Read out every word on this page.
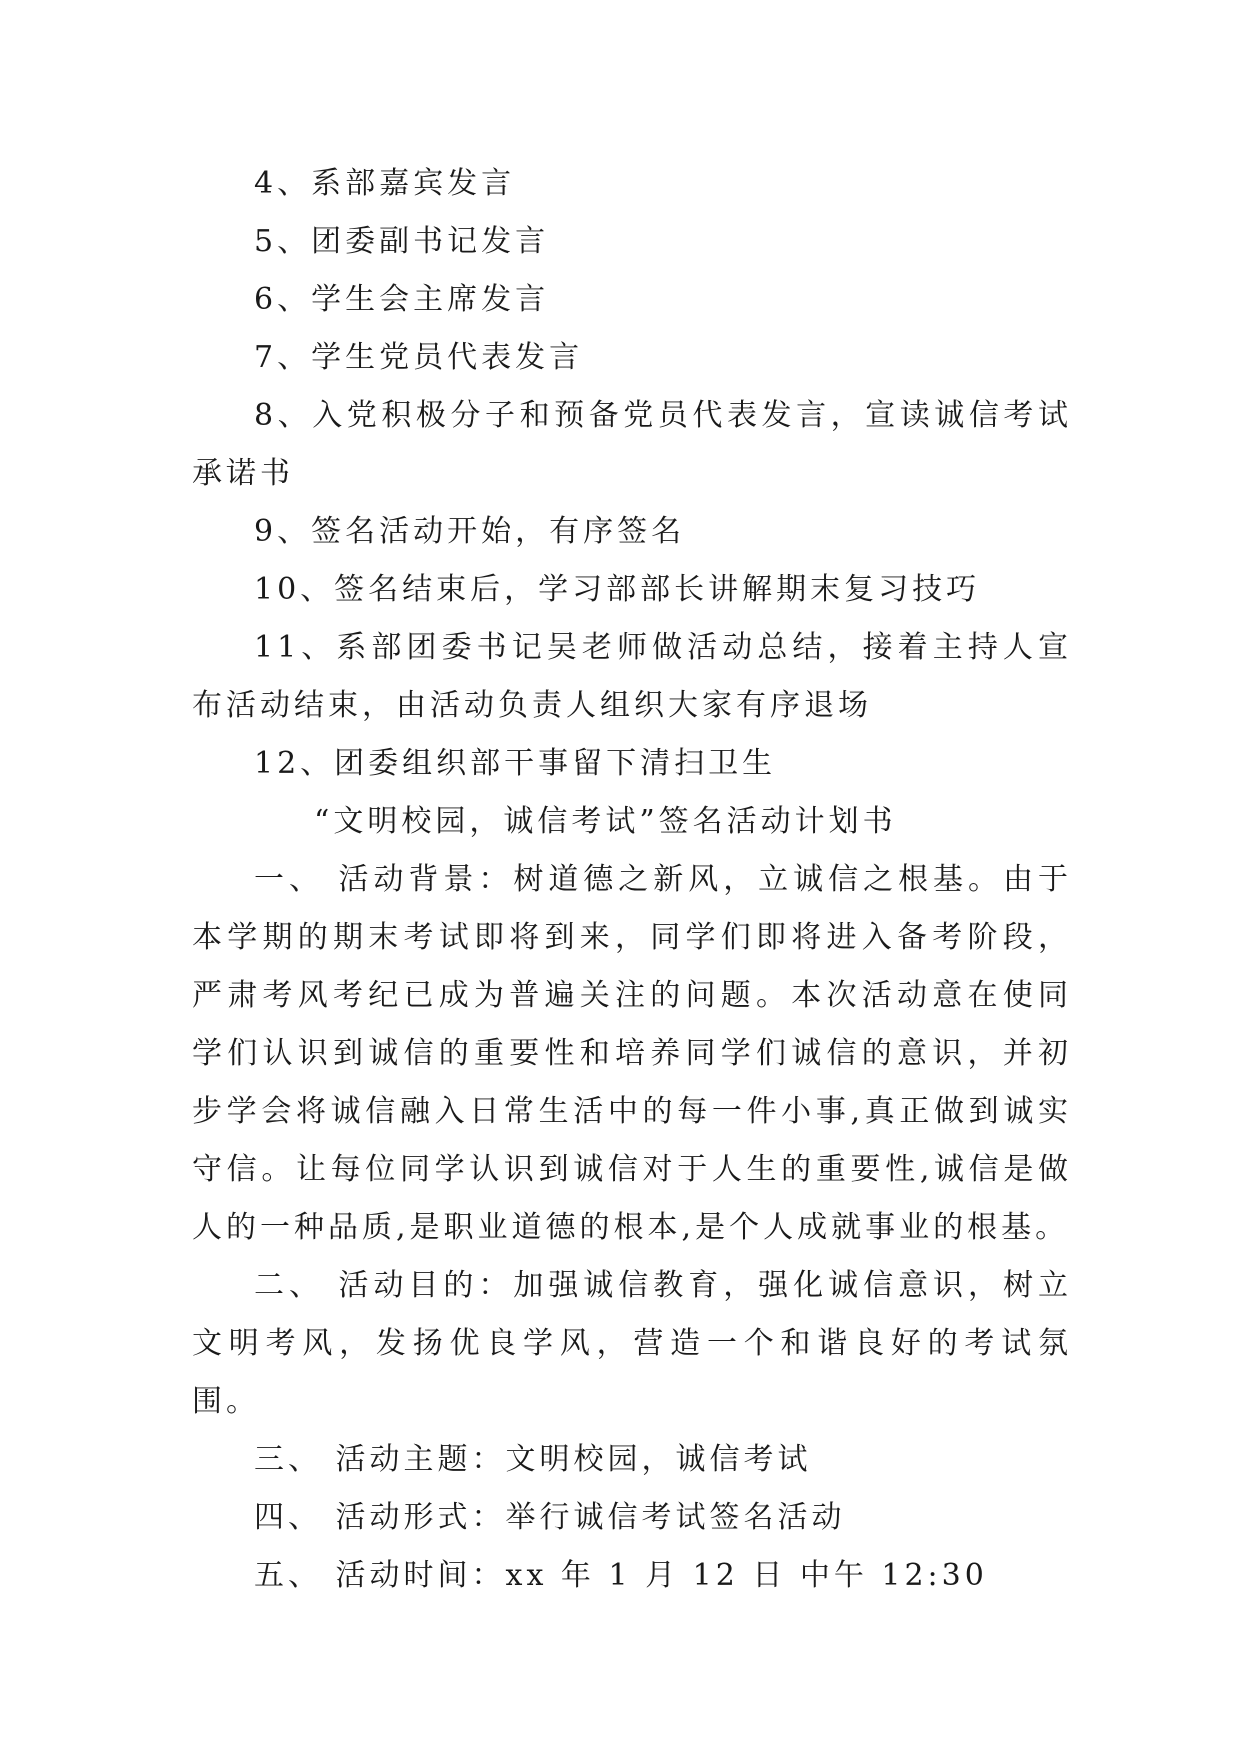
4、系部嘉宾发言

5、团委副书记发言

6、学生会主席发言

7、学生党员代表发言

8、入党积极分子和预备党员代表发言，宣读诚信考试承诺书

9、签名活动开始，有序签名

10、签名结束后，学习部部长讲解期末复习技巧

11、系部团委书记吴老师做活动总结，接着主持人宣布活动结束，由活动负责人组织大家有序退场

12、团委组织部干事留下清扫卫生

“文明校园，诚信考试”签名活动计划书

一、 活动背景：树道德之新风，立诚信之根基。由于本学期的期末考试即将到来，同学们即将进入备考阶段，严肃考风考纪已成为普遍关注的问题。本次活动意在使同学们认识到诚信的重要性和培养同学们诚信的意识，并初步学会将诚信融入日常生活中的每一件小事,真正做到诚实守信。让每位同学认识到诚信对于人生的重要性,诚信是做人的一种品质,是职业道德的根本,是个人成就事业的根基。

二、 活动目的：加强诚信教育，强化诚信意识，树立文明考风，发扬优良学风，营造一个和谐良好的考试氛围。

三、 活动主题：文明校园，诚信考试

四、 活动形式：举行诚信考试签名活动

五、 活动时间：xx 年 1 月 12 日 中午 12:30
